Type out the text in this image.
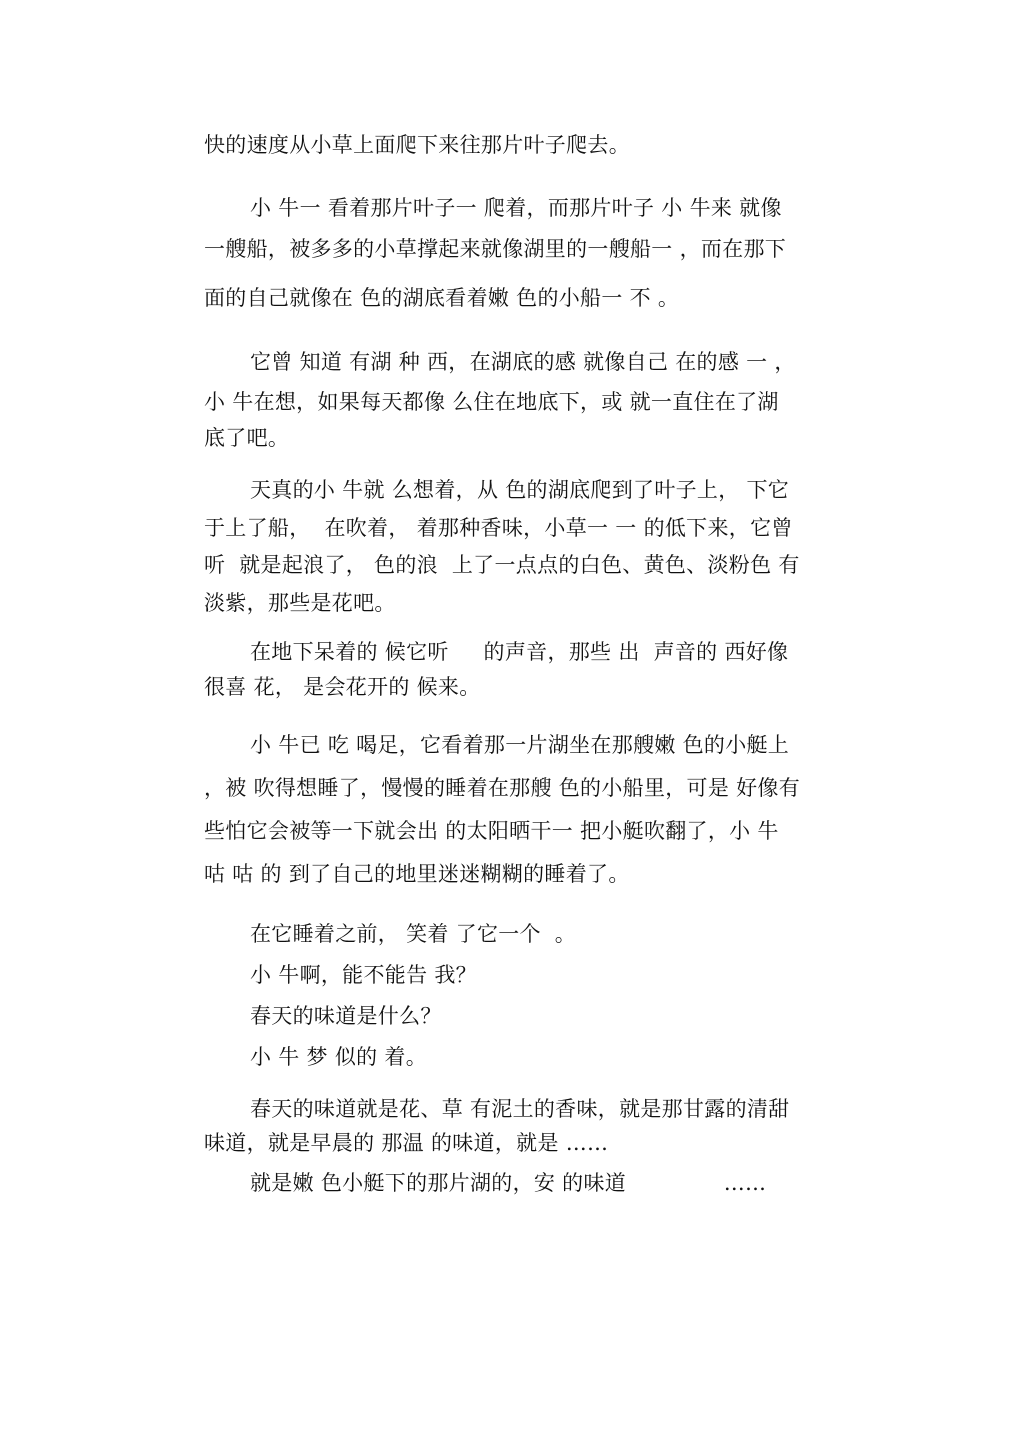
快的速度从小草上面爬下来往那片叶子爬去。
小 牛一 看着那片叶子一 爬着，而那片叶子 小 牛来 就像
一艘船，被多多的小草撑起来就像湖里的一艘船一 ，而在那下
面的自己就像在 色的湖底看着嫩 色的小船一 不 。
它曾 知道 有湖 种 西，在湖底的感 就像自己 在的感 一 ，
小 牛在想，如果每天都像 么住在地底下，或 就一直住在了湖
底了吧。
天真的小 牛就 么想着，从 色的湖底爬到了叶子上， 下它
于上了船，  在吹着， 着那种香味，小草一 一 的低下来，它曾
听  就是起浪了， 色的浪  上了一点点的白色、黄色、淡粉色 有
淡紫，那些是花吧。
在地下呆着的 候它听     的声音，那些 出  声音的 西好像
很喜 花， 是会花开的 候来。
小 牛已 吃 喝足，它看着那一片湖坐在那艘嫩 色的小艇上
，被 吹得想睡了，慢慢的睡着在那艘 色的小船里，可是 好像有
些怕它会被等一下就会出 的太阳晒干一 把小艇吹翻了，小 牛
咕 咕 的 到了自己的地里迷迷糊糊的睡着了。
在它睡着之前， 笑着 了它一个  。
小 牛啊，能不能告 我？
春天的味道是什么？
小 牛 梦 似的 着。
春天的味道就是花、草 有泥土的香味，就是那甘露的清甜
味道，就是早晨的 那温 的味道，就是 ……
就是嫩 色小艇下的那片湖的，安 的味道              ……
